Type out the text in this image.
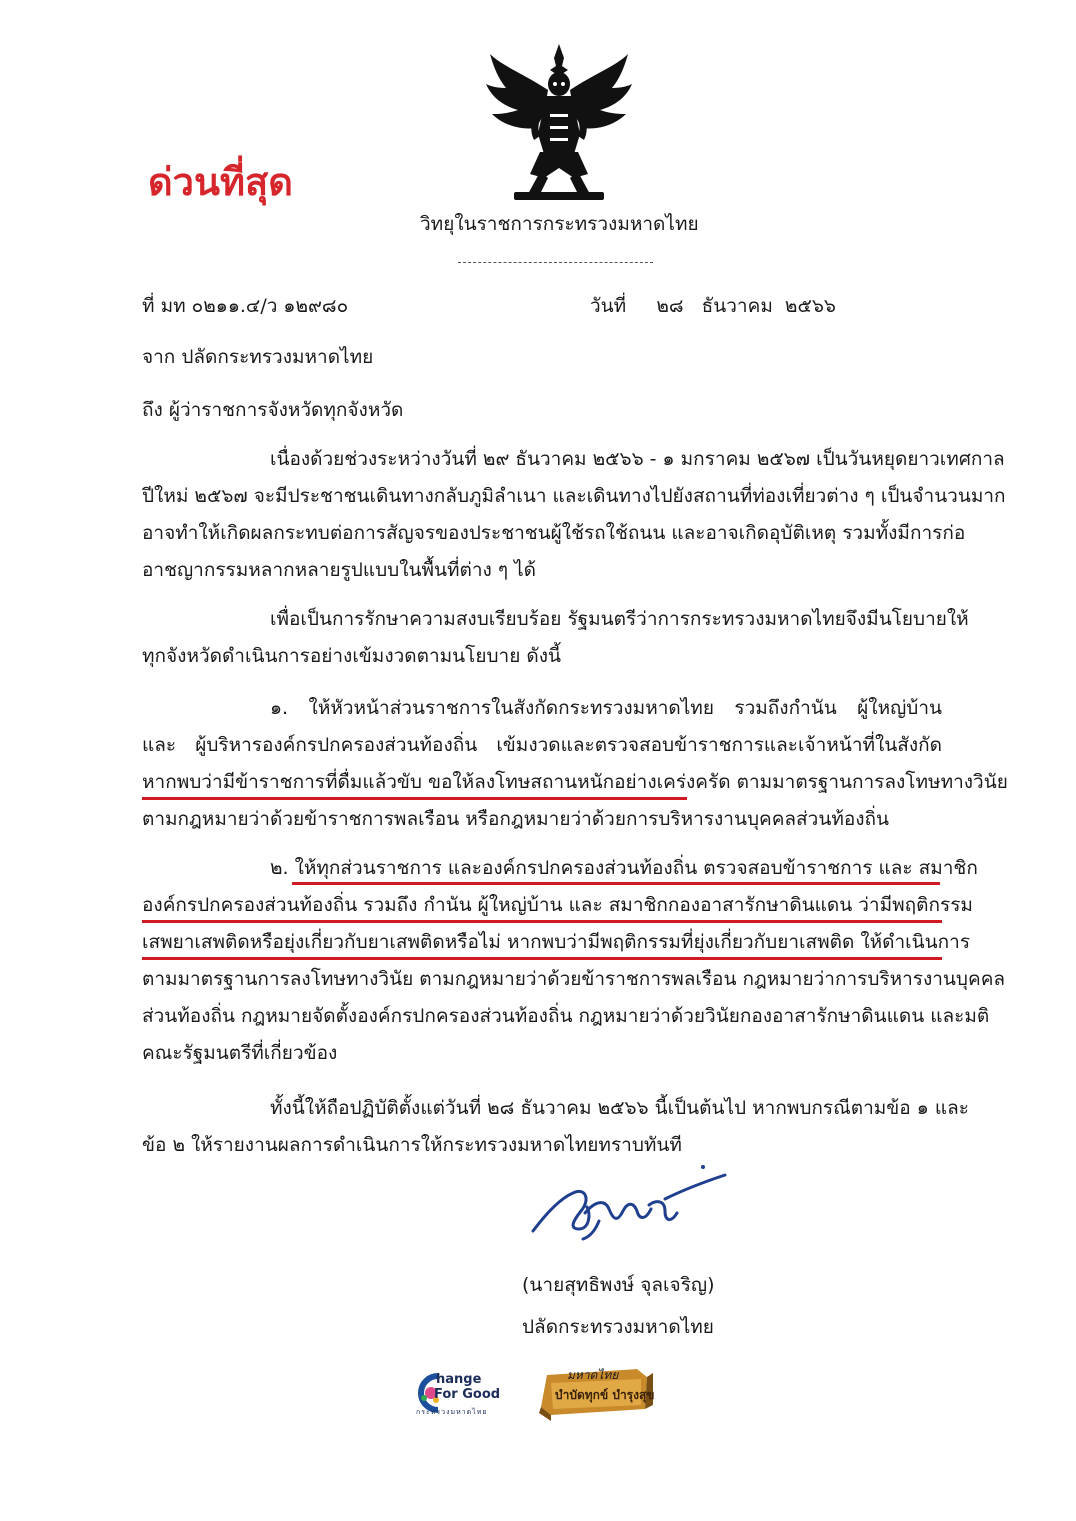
ด่วนที่สุด
วิทยุในราชการกระทรวงมหาดไทย
ที่ มท ๐๒๑๑.๔/ว ๑๒๙๘๐	วันที่     ๒๘   ธันวาคม  ๒๕๖๖
จาก ปลัดกระทรวงมหาดไทย
ถึง ผู้ว่าราชการจังหวัดทุกจังหวัด
เนื่องด้วยช่วงระหว่างวันที่ ๒๙ ธันวาคม ๒๕๖๖ - ๑ มกราคม ๒๕๖๗ เป็นวันหยุดยาวเทศกาล
ปีใหม่ ๒๕๖๗ จะมีประชาชนเดินทางกลับภูมิลำเนา และเดินทางไปยังสถานที่ท่องเที่ยวต่าง ๆ เป็นจำนวนมาก
อาจทำให้เกิดผลกระทบต่อการสัญจรของประชาชนผู้ใช้รถใช้ถนน และอาจเกิดอุบัติเหตุ รวมทั้งมีการก่อ
อาชญากรรมหลากหลายรูปแบบในพื้นที่ต่าง ๆ ได้
เพื่อเป็นการรักษาความสงบเรียบร้อย รัฐมนตรีว่าการกระทรวงมหาดไทยจึงมีนโยบายให้
ทุกจังหวัดดำเนินการอย่างเข้มงวดตามนโยบาย ดังนี้
๑. ให้หัวหน้าส่วนราชการในสังกัดกระทรวงมหาดไทย รวมถึงกำนัน ผู้ใหญ่บ้าน
และ ผู้บริหารองค์กรปกครองส่วนท้องถิ่น เข้มงวดและตรวจสอบข้าราชการและเจ้าหน้าที่ในสังกัด
หากพบว่ามีข้าราชการที่ดื่มแล้วขับ ขอให้ลงโทษสถานหนักอย่างเคร่งครัด ตามมาตรฐานการลงโทษทางวินัย
ตามกฎหมายว่าด้วยข้าราชการพลเรือน หรือกฎหมายว่าด้วยการบริหารงานบุคคลส่วนท้องถิ่น
๒. ให้ทุกส่วนราชการ และองค์กรปกครองส่วนท้องถิ่น ตรวจสอบข้าราชการ และ สมาชิก
องค์กรปกครองส่วนท้องถิ่น รวมถึง กำนัน ผู้ใหญ่บ้าน และ สมาชิกกองอาสารักษาดินแดน ว่ามีพฤติกรรม
เสพยาเสพติดหรือยุ่งเกี่ยวกับยาเสพติดหรือไม่ หากพบว่ามีพฤติกรรมที่ยุ่งเกี่ยวกับยาเสพติด ให้ดำเนินการ
ตามมาตรฐานการลงโทษทางวินัย ตามกฎหมายว่าด้วยข้าราชการพลเรือน กฎหมายว่าการบริหารงานบุคคล
ส่วนท้องถิ่น กฎหมายจัดตั้งองค์กรปกครองส่วนท้องถิ่น กฎหมายว่าด้วยวินัยกองอาสารักษาดินแดน และมติ
คณะรัฐมนตรีที่เกี่ยวข้อง
ทั้งนี้ให้ถือปฏิบัติตั้งแต่วันที่ ๒๘ ธันวาคม ๒๕๖๖ นี้เป็นต้นไป หากพบกรณีตามข้อ ๑ และ
ข้อ ๒ ให้รายงานผลการดำเนินการให้กระทรวงมหาดไทยทราบทันที
(นายสุทธิพงษ์ จุลเจริญ)
ปลัดกระทรวงมหาดไทย
hange
For Good
กระทรวงมหาดไทย
มหาดไทย
บำบัดทุกข์ บำรุงสุข
